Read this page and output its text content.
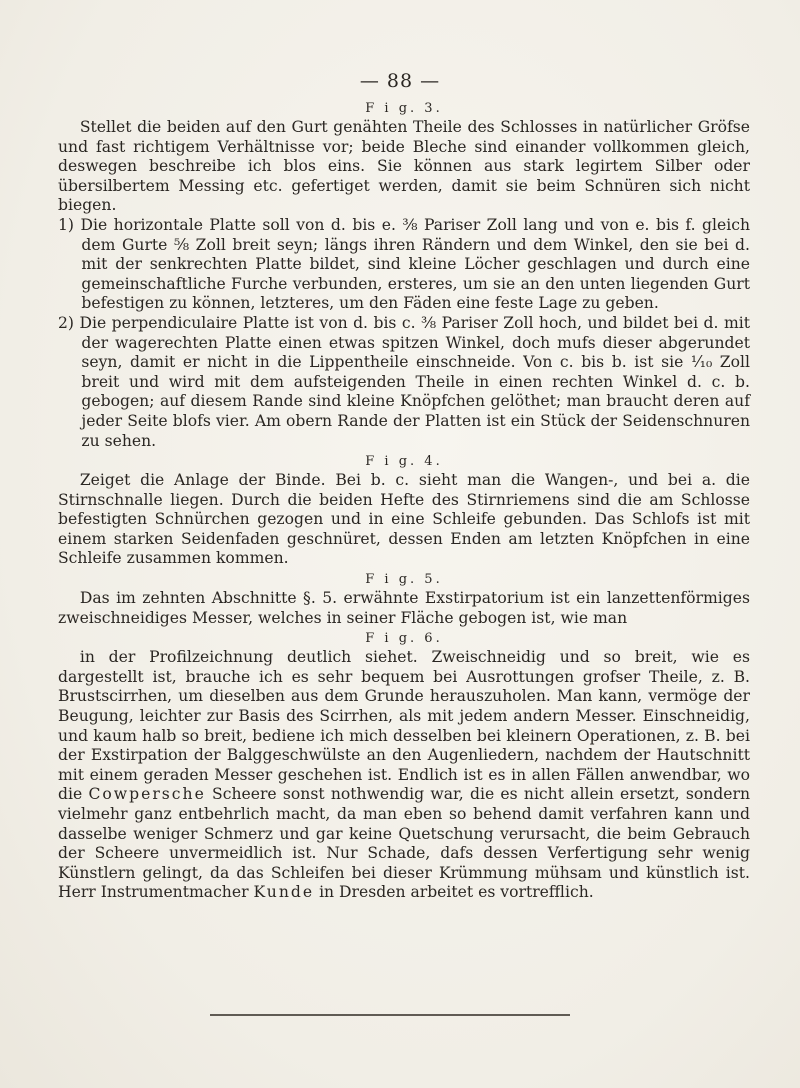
— 88 —

F i g. 3.

Stellet die beiden auf den Gurt genähten Theile des Schlosses in natürlicher Gröfse und fast richtigem Verhältnisse vor; beide Bleche sind einander vollkommen gleich, deswegen beschreibe ich blos eins. Sie können aus stark legirtem Silber oder übersilbertem Messing etc. gefertiget werden, damit sie beim Schnüren sich nicht biegen.

1) Die horizontale Platte soll von d. bis e. ⅜ Pariser Zoll lang und von e. bis f. gleich dem Gurte ⅝ Zoll breit seyn; längs ihren Rändern und dem Winkel, den sie bei d. mit der senkrechten Platte bildet, sind kleine Löcher geschlagen und durch eine gemeinschaftliche Furche verbunden, ersteres, um sie an den unten liegenden Gurt befestigen zu können, letzteres, um den Fäden eine feste Lage zu geben.

2) Die perpendiculaire Platte ist von d. bis c. ⅜ Pariser Zoll hoch, und bildet bei d. mit der wagerechten Platte einen etwas spitzen Winkel, doch mufs dieser abgerundet seyn, damit er nicht in die Lippentheile einschneide. Von c. bis b. ist sie ¹⁄₁₀ Zoll breit und wird mit dem aufsteigenden Theile in einen rechten Winkel d. c. b. gebogen; auf diesem Rande sind kleine Knöpfchen gelöthet; man braucht deren auf jeder Seite blofs vier. Am obern Rande der Platten ist ein Stück der Seidenschnuren zu sehen.

F i g. 4.

Zeiget die Anlage der Binde. Bei b. c. sieht man die Wangen-, und bei a. die Stirnschnalle liegen. Durch die beiden Hefte des Stirnriemens sind die am Schlosse befestigten Schnürchen gezogen und in eine Schleife gebunden. Das Schlofs ist mit einem starken Seidenfaden geschnüret, dessen Enden am letzten Knöpfchen in eine Schleife zusammen kommen.

F i g. 5.

Das im zehnten Abschnitte §. 5. erwähnte Exstirpatorium ist ein lanzettenförmiges zweischneidiges Messer, welches in seiner Fläche gebogen ist, wie man

F i g. 6.

in der Profilzeichnung deutlich siehet. Zweischneidig und so breit, wie es dargestellt ist, brauche ich es sehr bequem bei Ausrottungen grofser Theile, z. B. Brustscirrhen, um dieselben aus dem Grunde herauszuholen. Man kann, vermöge der Beugung, leichter zur Basis des Scirrhen, als mit jedem andern Messer. Einschneidig, und kaum halb so breit, bediene ich mich desselben bei kleinern Operationen, z. B. bei der Exstirpation der Balggeschwülste an den Augenliedern, nachdem der Hautschnitt mit einem geraden Messer geschehen ist. Endlich ist es in allen Fällen anwendbar, wo die Cowpersche Scheere sonst nothwendig war, die es nicht allein ersetzt, sondern vielmehr ganz entbehrlich macht, da man eben so behend damit verfahren kann und dasselbe weniger Schmerz und gar keine Quetschung verursacht, die beim Gebrauch der Scheere unvermeidlich ist. Nur Schade, dafs dessen Verfertigung sehr wenig Künstlern gelingt, da das Schleifen bei dieser Krümmung mühsam und künstlich ist. Herr Instrumentmacher Kunde in Dresden arbeitet es vortrefflich.
